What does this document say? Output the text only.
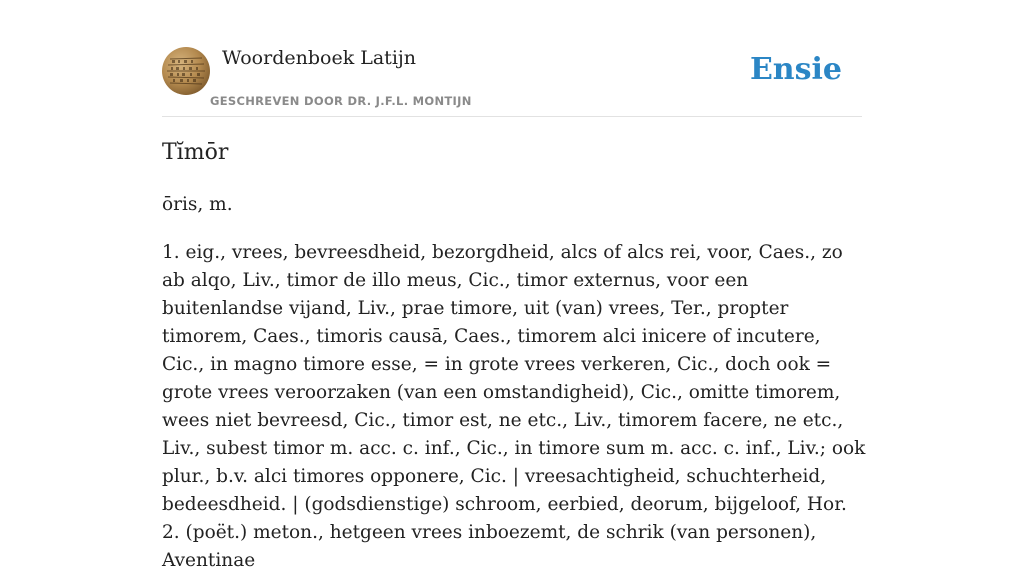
Woordenboek Latijn
GESCHREVEN DOOR DR. J.F.L. MONTIJN
Ensie
Tĭmōr
ōris, m.

1. eig., vrees, bevreesdheid, bezorgdheid, alcs of alcs rei, voor, Caes., zo ab alqo, Liv., timor de illo meus, Cic., timor externus, voor een buitenlandse vijand, Liv., prae timore, uit (van) vrees, Ter., propter timorem, Caes., timoris causā, Caes., timorem alci inicere of incutere, Cic., in magno timore esse, = in grote vrees verkeren, Cic., doch ook = grote vrees veroorzaken (van een omstandigheid), Cic., omitte timorem, wees niet bevreesd, Cic., timor est, ne etc., Liv., timorem facere, ne etc., Liv., subest timor m. acc. c. inf., Cic., in timore sum m. acc. c. inf., Liv.; ook plur., b.v. alci timores opponere, Cic. | vreesachtigheid, schuchterheid, bedeesdheid. | (godsdienstige) schroom, eerbied, deorum, bijgeloof, Hor.

2. (poët.) meton., hetgeen vrees inboezemt, de schrik (van personen), Aventinae
